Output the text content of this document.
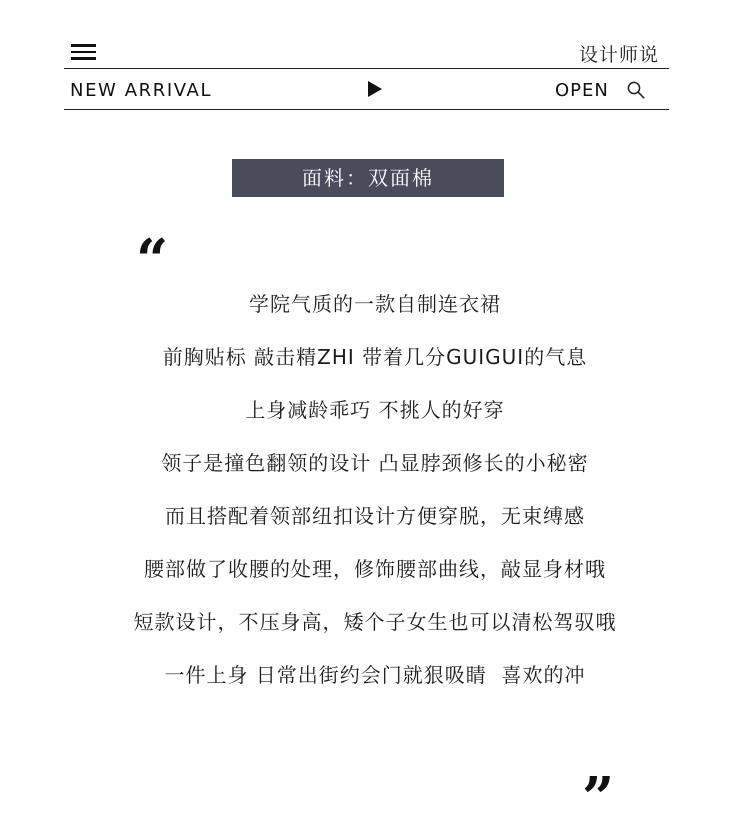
设计师说
NEW ARRIVAL	OPEN
面料：双面棉
“
学院气质的一款自制连衣裙
前胸贴标 敲击精ZHI 带着几分GUIGUI的气息
上身减龄乖巧 不挑人的好穿
领子是撞色翻领的设计 凸显脖颈修长的小秘密
而且搭配着领部纽扣设计方便穿脱，无束缚感
腰部做了收腰的处理，修饰腰部曲线，敲显身材哦
短款设计，不压身高，矮个子女生也可以清松驾驭哦
一件上身 日常出街约会门就狠吸睛  喜欢的冲
”
